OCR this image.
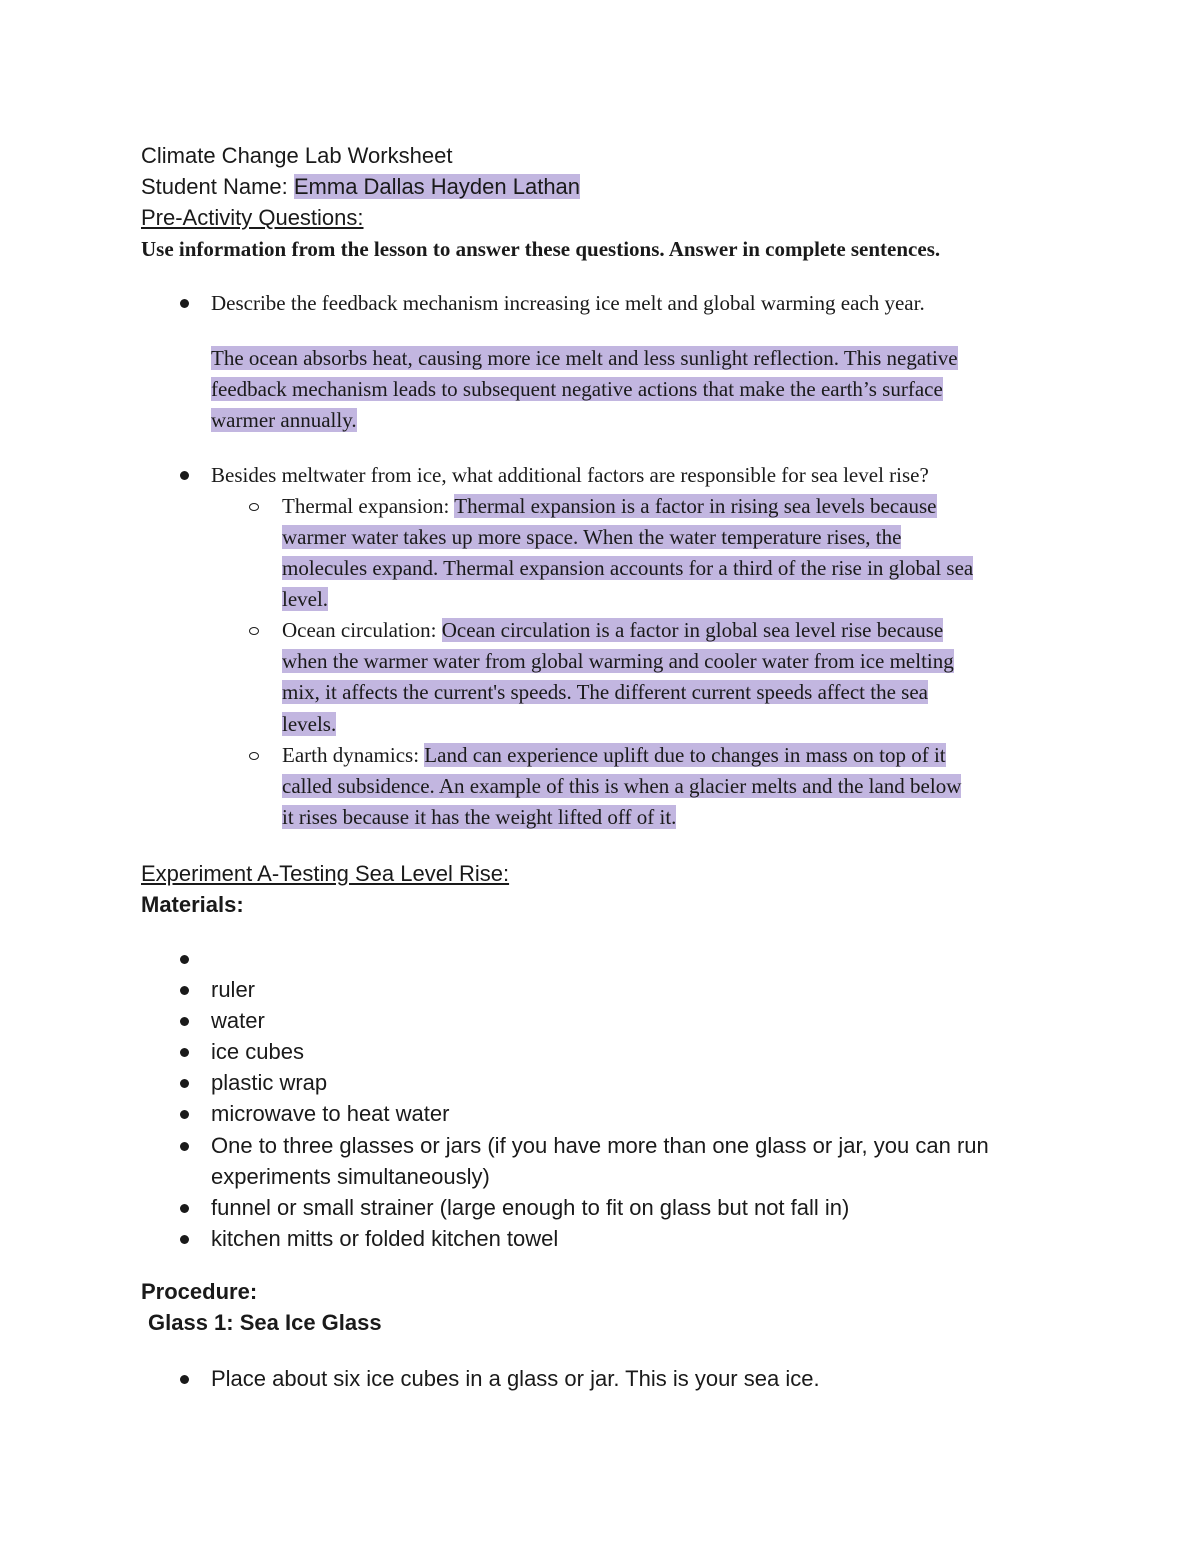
Climate Change Lab Worksheet
Student Name: Emma Dallas Hayden Lathan
Pre-Activity Questions:
Use information from the lesson to answer these questions. Answer in complete sentences.
Describe the feedback mechanism increasing ice melt and global warming each year.
The ocean absorbs heat, causing more ice melt and less sunlight reflection. This negative
feedback mechanism leads to subsequent negative actions that make the earth’s surface
warmer annually.
Besides meltwater from ice, what additional factors are responsible for sea level rise?
Thermal expansion: Thermal expansion is a factor in rising sea levels because
warmer water takes up more space. When the water temperature rises, the
molecules expand. Thermal expansion accounts for a third of the rise in global sea
level.
Ocean circulation: Ocean circulation is a factor in global sea level rise because
when the warmer water from global warming and cooler water from ice melting
mix, it affects the current's speeds. The different current speeds affect the sea
levels.
Earth dynamics: Land can experience uplift due to changes in mass on top of it
called subsidence. An example of this is when a glacier melts and the land below
it rises because it has the weight lifted off of it.
Experiment A-Testing Sea Level Rise:
Materials:
ruler
water
ice cubes
plastic wrap
microwave to heat water
One to three glasses or jars (if you have more than one glass or jar, you can run
experiments simultaneously)
funnel or small strainer (large enough to fit on glass but not fall in)
kitchen mitts or folded kitchen towel
Procedure:
Glass 1: Sea Ice Glass
Place about six ice cubes in a glass or jar. This is your sea ice.
